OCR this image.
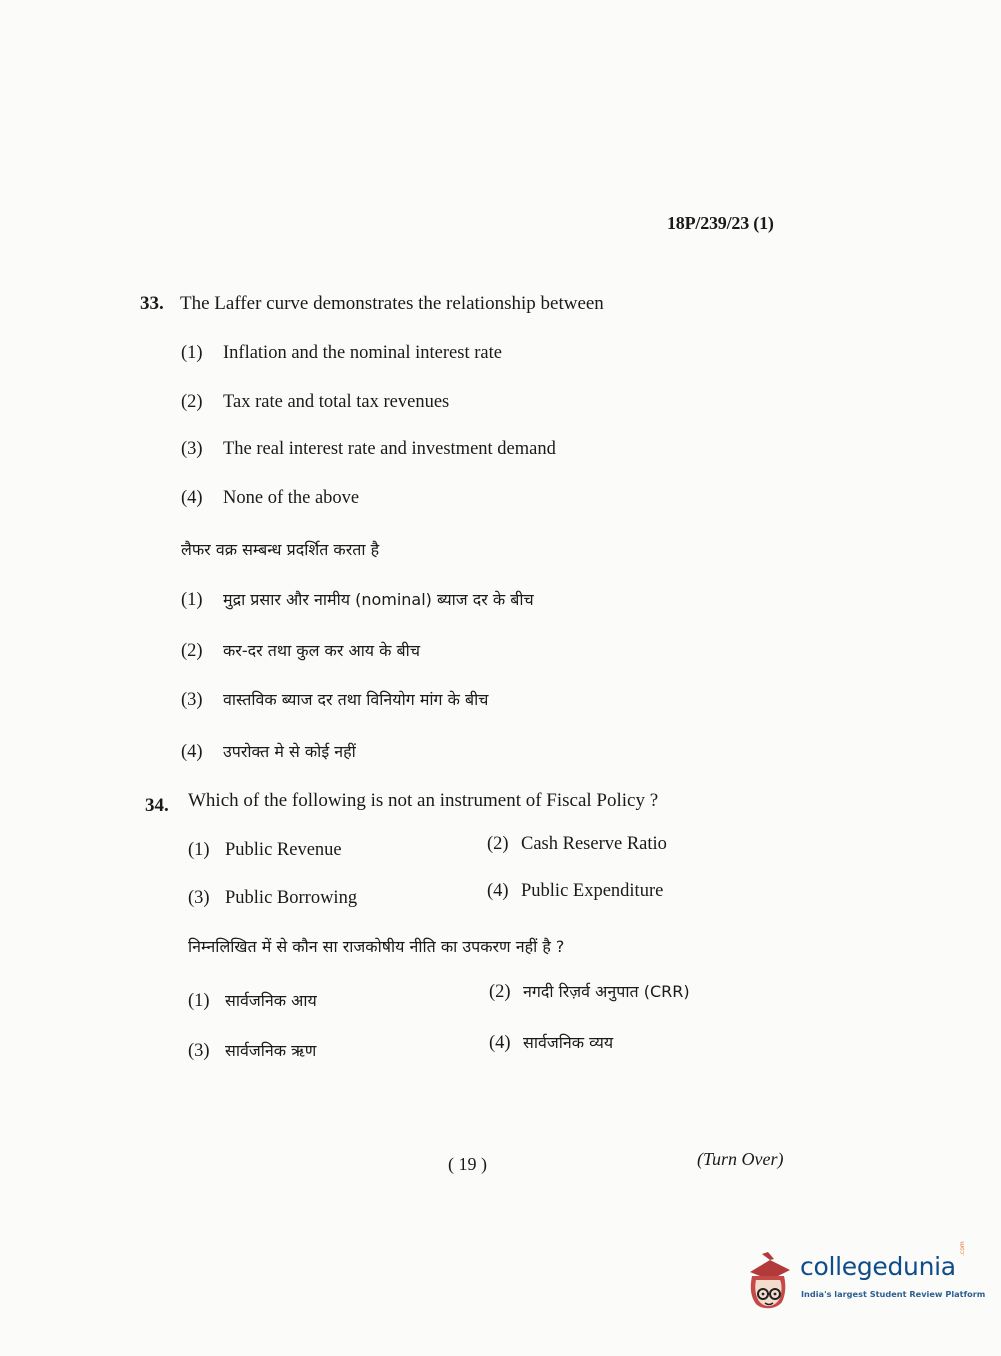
18P/239/23 (1)
33. The Laffer curve demonstrates the relationship between
(1) Inflation and the nominal interest rate
(2) Tax rate and total tax revenues
(3) The real interest rate and investment demand
(4) None of the above
लैफर वक्र सम्बन्ध प्रदर्शित करता है
(1) मुद्रा प्रसार और नामीय (nominal) ब्याज दर के बीच
(2) कर-दर तथा कुल कर आय के बीच
(3) वास्तविक ब्याज दर तथा विनियोग मांग के बीच
(4) उपरोक्त मे से कोई नहीं
34. Which of the following is not an instrument of Fiscal Policy ?
(1) Public Revenue	(2) Cash Reserve Ratio
(3) Public Borrowing	(4) Public Expenditure
निम्नलिखित में से कौन सा राजकोषीय नीति का उपकरण नहीं है ?
(1) सार्वजनिक आय	(2) नगदी रिज़र्व अनुपात (CRR)
(3) सार्वजनिक ऋण	(4) सार्वजनिक व्यय
( 19 )	(Turn Over)
collegedunia
.com
India's largest Student Review Platform
